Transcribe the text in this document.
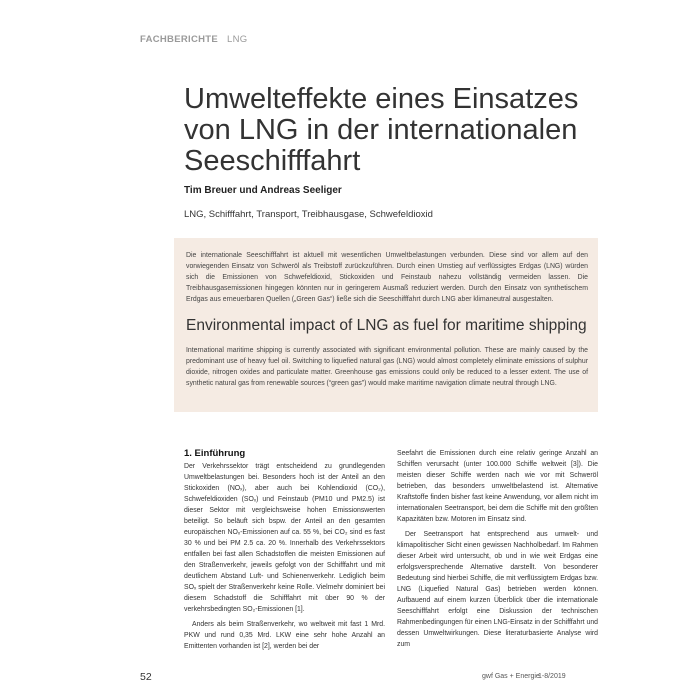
FACHBERICHTE LNG
Umwelteffekte eines Einsatzes
von LNG in der internationalen
Seeschifffahrt
Tim Breuer und Andreas Seeliger
LNG, Schifffahrt, Transport, Treibhausgase, Schwefeldioxid
Die internationale Seeschifffahrt ist aktuell mit wesentlichen Umweltbelastungen verbunden. Diese sind vor allem auf den vorwiegenden Einsatz von Schweröl als Treibstoff zurückzuführen. Durch einen Umstieg auf verflüssigtes Erdgas (LNG) würden sich die Emissionen von Schwefeldioxid, Stickoxiden und Feinstaub nahezu vollständig vermeiden lassen. Die Treibhausgasemissionen hingegen könnten nur in geringerem Ausmaß reduziert werden. Durch den Einsatz von synthetischem Erdgas aus erneuerbaren Quellen („Green Gas“) ließe sich die Seeschifffahrt durch LNG aber klimaneutral ausgestalten.
Environmental impact of LNG as fuel for maritime shipping
International maritime shipping is currently associated with significant environmental pollution. These are mainly caused by the predominant use of heavy fuel oil. Switching to liquefied natural gas (LNG) would almost completely eliminate emissions of sulphur dioxide, nitrogen oxides and particulate matter. Greenhouse gas emissions could only be reduced to a lesser extent. The use of synthetic natural gas from renewable sources (“green gas”) would make maritime navigation climate neutral through LNG.
1. Einführung

Der Verkehrssektor trägt entscheidend zu grundlegenden Umweltbelastungen bei. Besonders hoch ist der Anteil an den Stickoxiden (NOₓ), aber auch bei Kohlendioxid (CO₂), Schwefeldioxiden (SOₓ) und Feinstaub (PM10 und PM2.5) ist dieser Sektor mit vergleichsweise hohen Emissionswerten beteiligt. So beläuft sich bspw. der Anteil an den gesamten europäischen NOₓ-Emissionen auf ca. 55 %, bei CO₂ sind es fast 30 % und bei PM 2.5 ca. 20 %. Innerhalb des Verkehrssektors entfallen bei fast allen Schadstoffen die meisten Emissionen auf den Straßenverkehr, jeweils gefolgt von der Schifffahrt und mit deutlichem Abstand Luft- und Schienenverkehr. Lediglich beim SOₓ spielt der Straßenverkehr keine Rolle. Vielmehr dominiert bei diesem Schadstoff die Schifffahrt mit über 90 % der verkehrsbedingten SO₂-Emissionen [1].

Anders als beim Straßenverkehr, wo weltweit mit fast 1 Mrd. PKW und rund 0,35 Mrd. LKW eine sehr hohe Anzahl an Emittenten vorhanden ist [2], werden bei der

Seefahrt die Emissionen durch eine relativ geringe Anzahl an Schiffen verursacht (unter 100.000 Schiffe weltweit [3]). Die meisten dieser Schiffe werden nach wie vor mit Schweröl betrieben, das besonders umweltbelastend ist. Alternative Kraftstoffe finden bisher fast keine Anwendung, vor allem nicht im internationalen Seetransport, bei dem die Schiffe mit den größten Kapazitäten bzw. Motoren im Einsatz sind.

Der Seetransport hat entsprechend aus umwelt- und klimapolitischer Sicht einen gewissen Nachholbedarf. Im Rahmen dieser Arbeit wird untersucht, ob und in wie weit Erdgas eine erfolgsversprechende Alternative darstellt. Von besonderer Bedeutung sind hierbei Schiffe, die mit verflüssigtem Erdgas bzw. LNG (Liquefied Natural Gas) betrieben werden können. Aufbauend auf einem kurzen Überblick über die internationale Seeschifffahrt erfolgt eine Diskussion der technischen Rahmenbedingungen für einen LNG-Einsatz in der Schifffahrt und dessen Umweltwirkungen. Diese literaturbasierte Analyse wird zum

52	gwf Gas + Energie
1-8/2019
